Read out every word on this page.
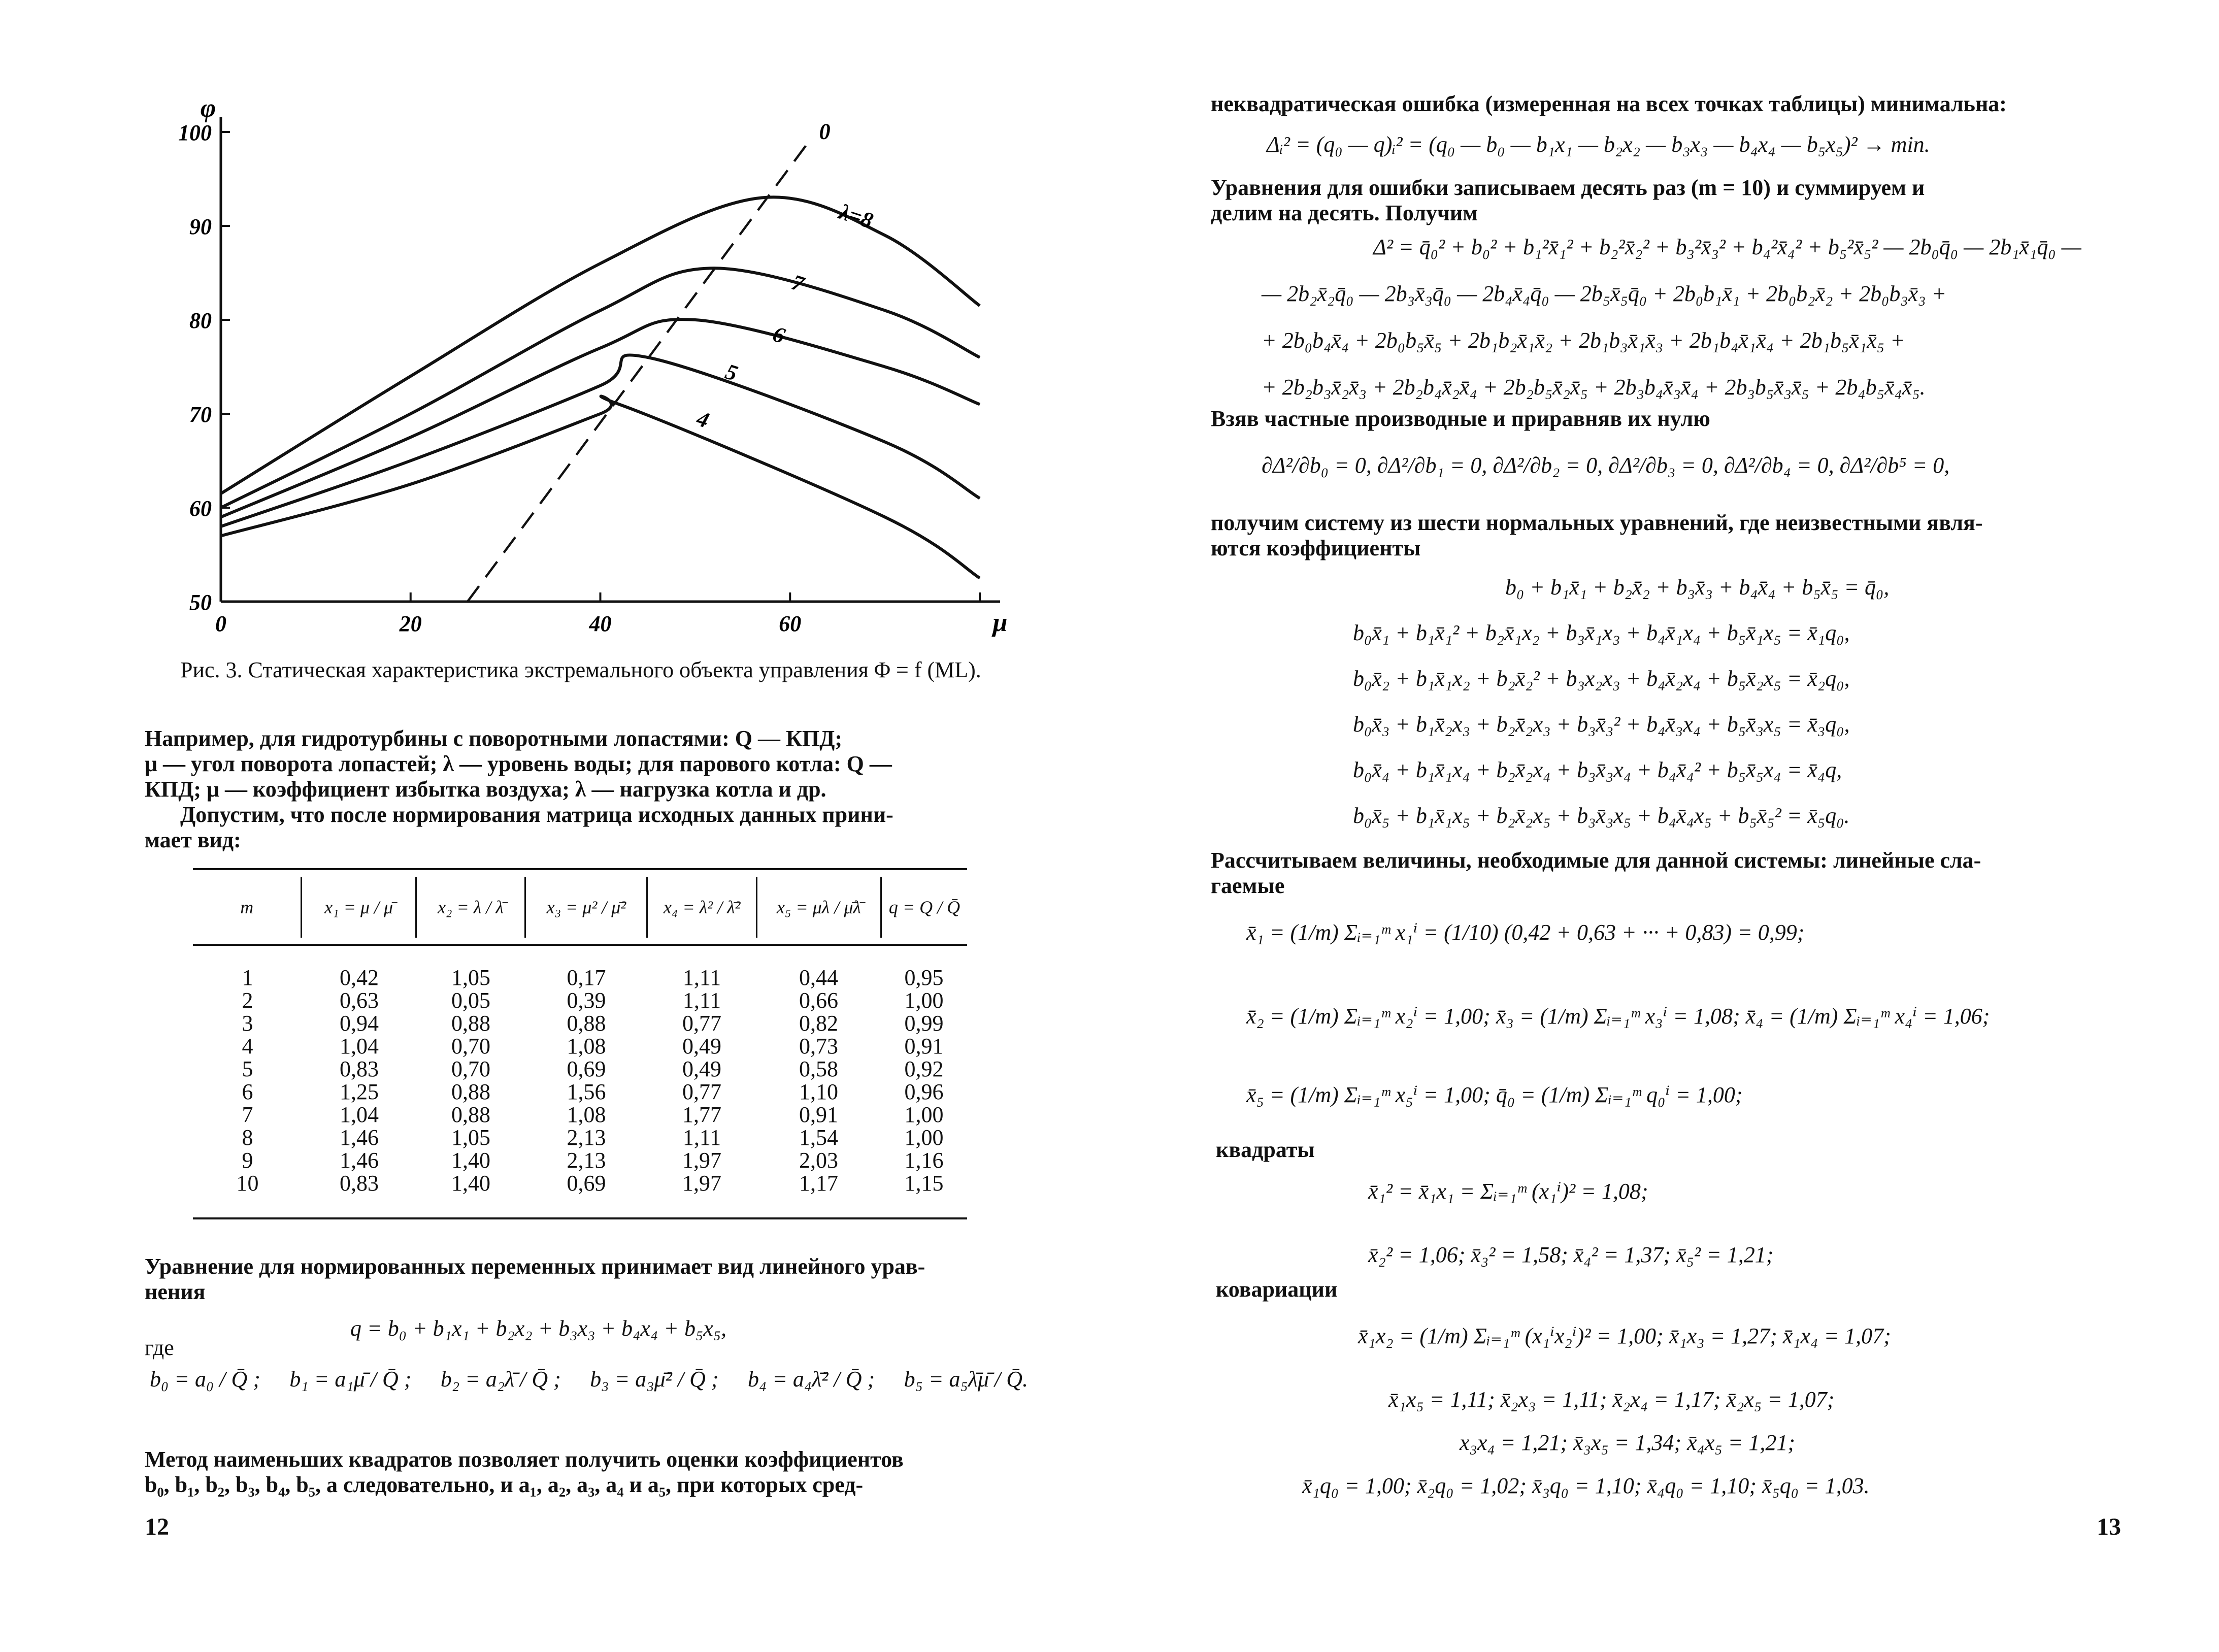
100
90
80
70
60
50
0	20	40	60
φ
μ
λ=8
7
6
5
4
0
Рис. 3. Статическая характеристика экстремального объекта управления Φ = f (ML).
Например, для гидротурбины с поворотными лопастями: Q — КПД;
μ — угол поворота лопастей; λ — уровень воды; для парового котла: Q —
КПД; μ — коэффициент избытка воздуха; λ — нагрузка котла и др.
Допустим, что после нормирования матрица исходных данных прини-
мает вид:
m	x₁ = μ / μ̄	x₂ = λ / λ̄	x₃ = μ² / μ̄²	x₄ = λ² / λ̄²	x₅ = μλ / μ̄λ̄	q = Q / Q̄
1	0,42	1,05	0,17	1,11	0,44	0,95
2	0,63	0,05	0,39	1,11	0,66	1,00
3	0,94	0,88	0,88	0,77	0,82	0,99
4	1,04	0,70	1,08	0,49	0,73	0,91
5	0,83	0,70	0,69	0,49	0,58	0,92
6	1,25	0,88	1,56	0,77	1,10	0,96
7	1,04	0,88	1,08	1,77	0,91	1,00
8	1,46	1,05	2,13	1,11	1,54	1,00
9	1,46	1,40	2,13	1,97	2,03	1,16
10	0,83	1,40	0,69	1,97	1,17	1,15
Уравнение для нормированных переменных принимает вид линейного урав-
нения
q = b₀ + b₁x₁ + b₂x₂ + b₃x₃ + b₄x₄ + b₅x₅,
где
b₀ = a₀ / Q̄ ; b₁ = a₁μ̄ / Q̄ ; b₂ = a₂λ̄ / Q̄ ; b₃ = a₃μ̄² / Q̄ ; b₄ = a₄λ̄² / Q̄ ; b₅ = a₅λ̄μ̄ / Q̄.
Метод наименьших квадратов позволяет получить оценки коэффициентов
b₀, b₁, b₂, b₃, b₄, b₅, а следовательно, и a₁, a₂, a₃, a₄ и a₅, при которых сред-
12
неквадратическая ошибка (измеренная на всех точках таблицы) минимальна:
Δᵢ² = (q₀ — q)ᵢ² = (q₀ — b₀ — b₁x₁ — b₂x₂ — b₃x₃ — b₄x₄ — b₅x₅)² → min.
Уравнения для ошибки записываем десять раз (m = 10) и суммируем и
делим на десять. Получим
Δ² = q̄₀² + b₀² + b₁²x̄₁² + b₂²x̄₂² + b₃²x̄₃² + b₄²x̄₄² + b₅²x̄₅² — 2b₀q̄₀ — 2b₁x̄₁q̄₀ —
— 2b₂x̄₂q̄₀ — 2b₃x̄₃q̄₀ — 2b₄x̄₄q̄₀ — 2b₅x̄₅q̄₀ + 2b₀b₁x̄₁ + 2b₀b₂x̄₂ + 2b₀b₃x̄₃ +
+ 2b₀b₄x̄₄ + 2b₀b₅x̄₅ + 2b₁b₂x̄₁x̄₂ + 2b₁b₃x̄₁x̄₃ + 2b₁b₄x̄₁x̄₄ + 2b₁b₅x̄₁x̄₅ +
+ 2b₂b₃x̄₂x̄₃ + 2b₂b₄x̄₂x̄₄ + 2b₂b₅x̄₂x̄₅ + 2b₃b₄x̄₃x̄₄ + 2b₃b₅x̄₃x̄₅ + 2b₄b₅x̄₄x̄₅.
Взяв частные производные и приравняв их нулю
∂Δ²/∂b₀ = 0, ∂Δ²/∂b₁ = 0, ∂Δ²/∂b₂ = 0, ∂Δ²/∂b₃ = 0, ∂Δ²/∂b₄ = 0, ∂Δ²/∂b⁵ = 0,
получим систему из шести нормальных уравнений, где неизвестными явля-
ются коэффициенты
b₀ + b₁x̄₁ + b₂x̄₂ + b₃x̄₃ + b₄x̄₄ + b₅x̄₅ = q̄₀,
b₀x̄₁ + b₁x̄₁² + b₂x̄₁x₂ + b₃x̄₁x₃ + b₄x̄₁x₄ + b₅x̄₁x₅ = x̄₁q₀,
b₀x̄₂ + b₁x̄₁x₂ + b₂x̄₂² + b₃x₂x₃ + b₄x̄₂x₄ + b₅x̄₂x₅ = x̄₂q₀,
b₀x̄₃ + b₁x̄₂x₃ + b₂x̄₂x₃ + b₃x̄₃² + b₄x̄₃x₄ + b₅x̄₃x₅ = x̄₃q₀,
b₀x̄₄ + b₁x̄₁x₄ + b₂x̄₂x₄ + b₃x̄₃x₄ + b₄x̄₄² + b₅x̄₅x₄ = x̄₄q,
b₀x̄₅ + b₁x̄₁x₅ + b₂x̄₂x₅ + b₃x̄₃x₅ + b₄x̄₄x₅ + b₅x̄₅² = x̄₅q₀.
Рассчитываем величины, необходимые для данной системы: линейные сла-
гаемые
x̄₁ = (1/m) Σᵢ₌₁ᵐ x₁ⁱ = (1/10) (0,42 + 0,63 + ··· + 0,83) = 0,99;
x̄₂ = (1/m) Σᵢ₌₁ᵐ x₂ⁱ = 1,00; x̄₃ = (1/m) Σᵢ₌₁ᵐ x₃ⁱ = 1,08; x̄₄ = (1/m) Σᵢ₌₁ᵐ x₄ⁱ = 1,06;
x̄₅ = (1/m) Σᵢ₌₁ᵐ x₅ⁱ = 1,00; q̄₀ = (1/m) Σᵢ₌₁ᵐ q₀ⁱ = 1,00;
квадраты
x̄₁² = x̄₁x₁ = Σᵢ₌₁ᵐ (x₁ⁱ)² = 1,08;
x̄₂² = 1,06; x̄₃² = 1,58; x̄₄² = 1,37; x̄₅² = 1,21;
ковариации
x̄₁x₂ = (1/m) Σᵢ₌₁ᵐ (x₁ⁱx₂ⁱ)² = 1,00; x̄₁x₃ = 1,27; x̄₁x₄ = 1,07;
x̄₁x₅ = 1,11; x̄₂x₃ = 1,11; x̄₂x₄ = 1,17; x̄₂x₅ = 1,07;
x₃x₄ = 1,21; x̄₃x₅ = 1,34; x̄₄x₅ = 1,21;
x̄₁q₀ = 1,00; x̄₂q₀ = 1,02; x̄₃q₀ = 1,10; x̄₄q₀ = 1,10; x̄₅q₀ = 1,03.
13
